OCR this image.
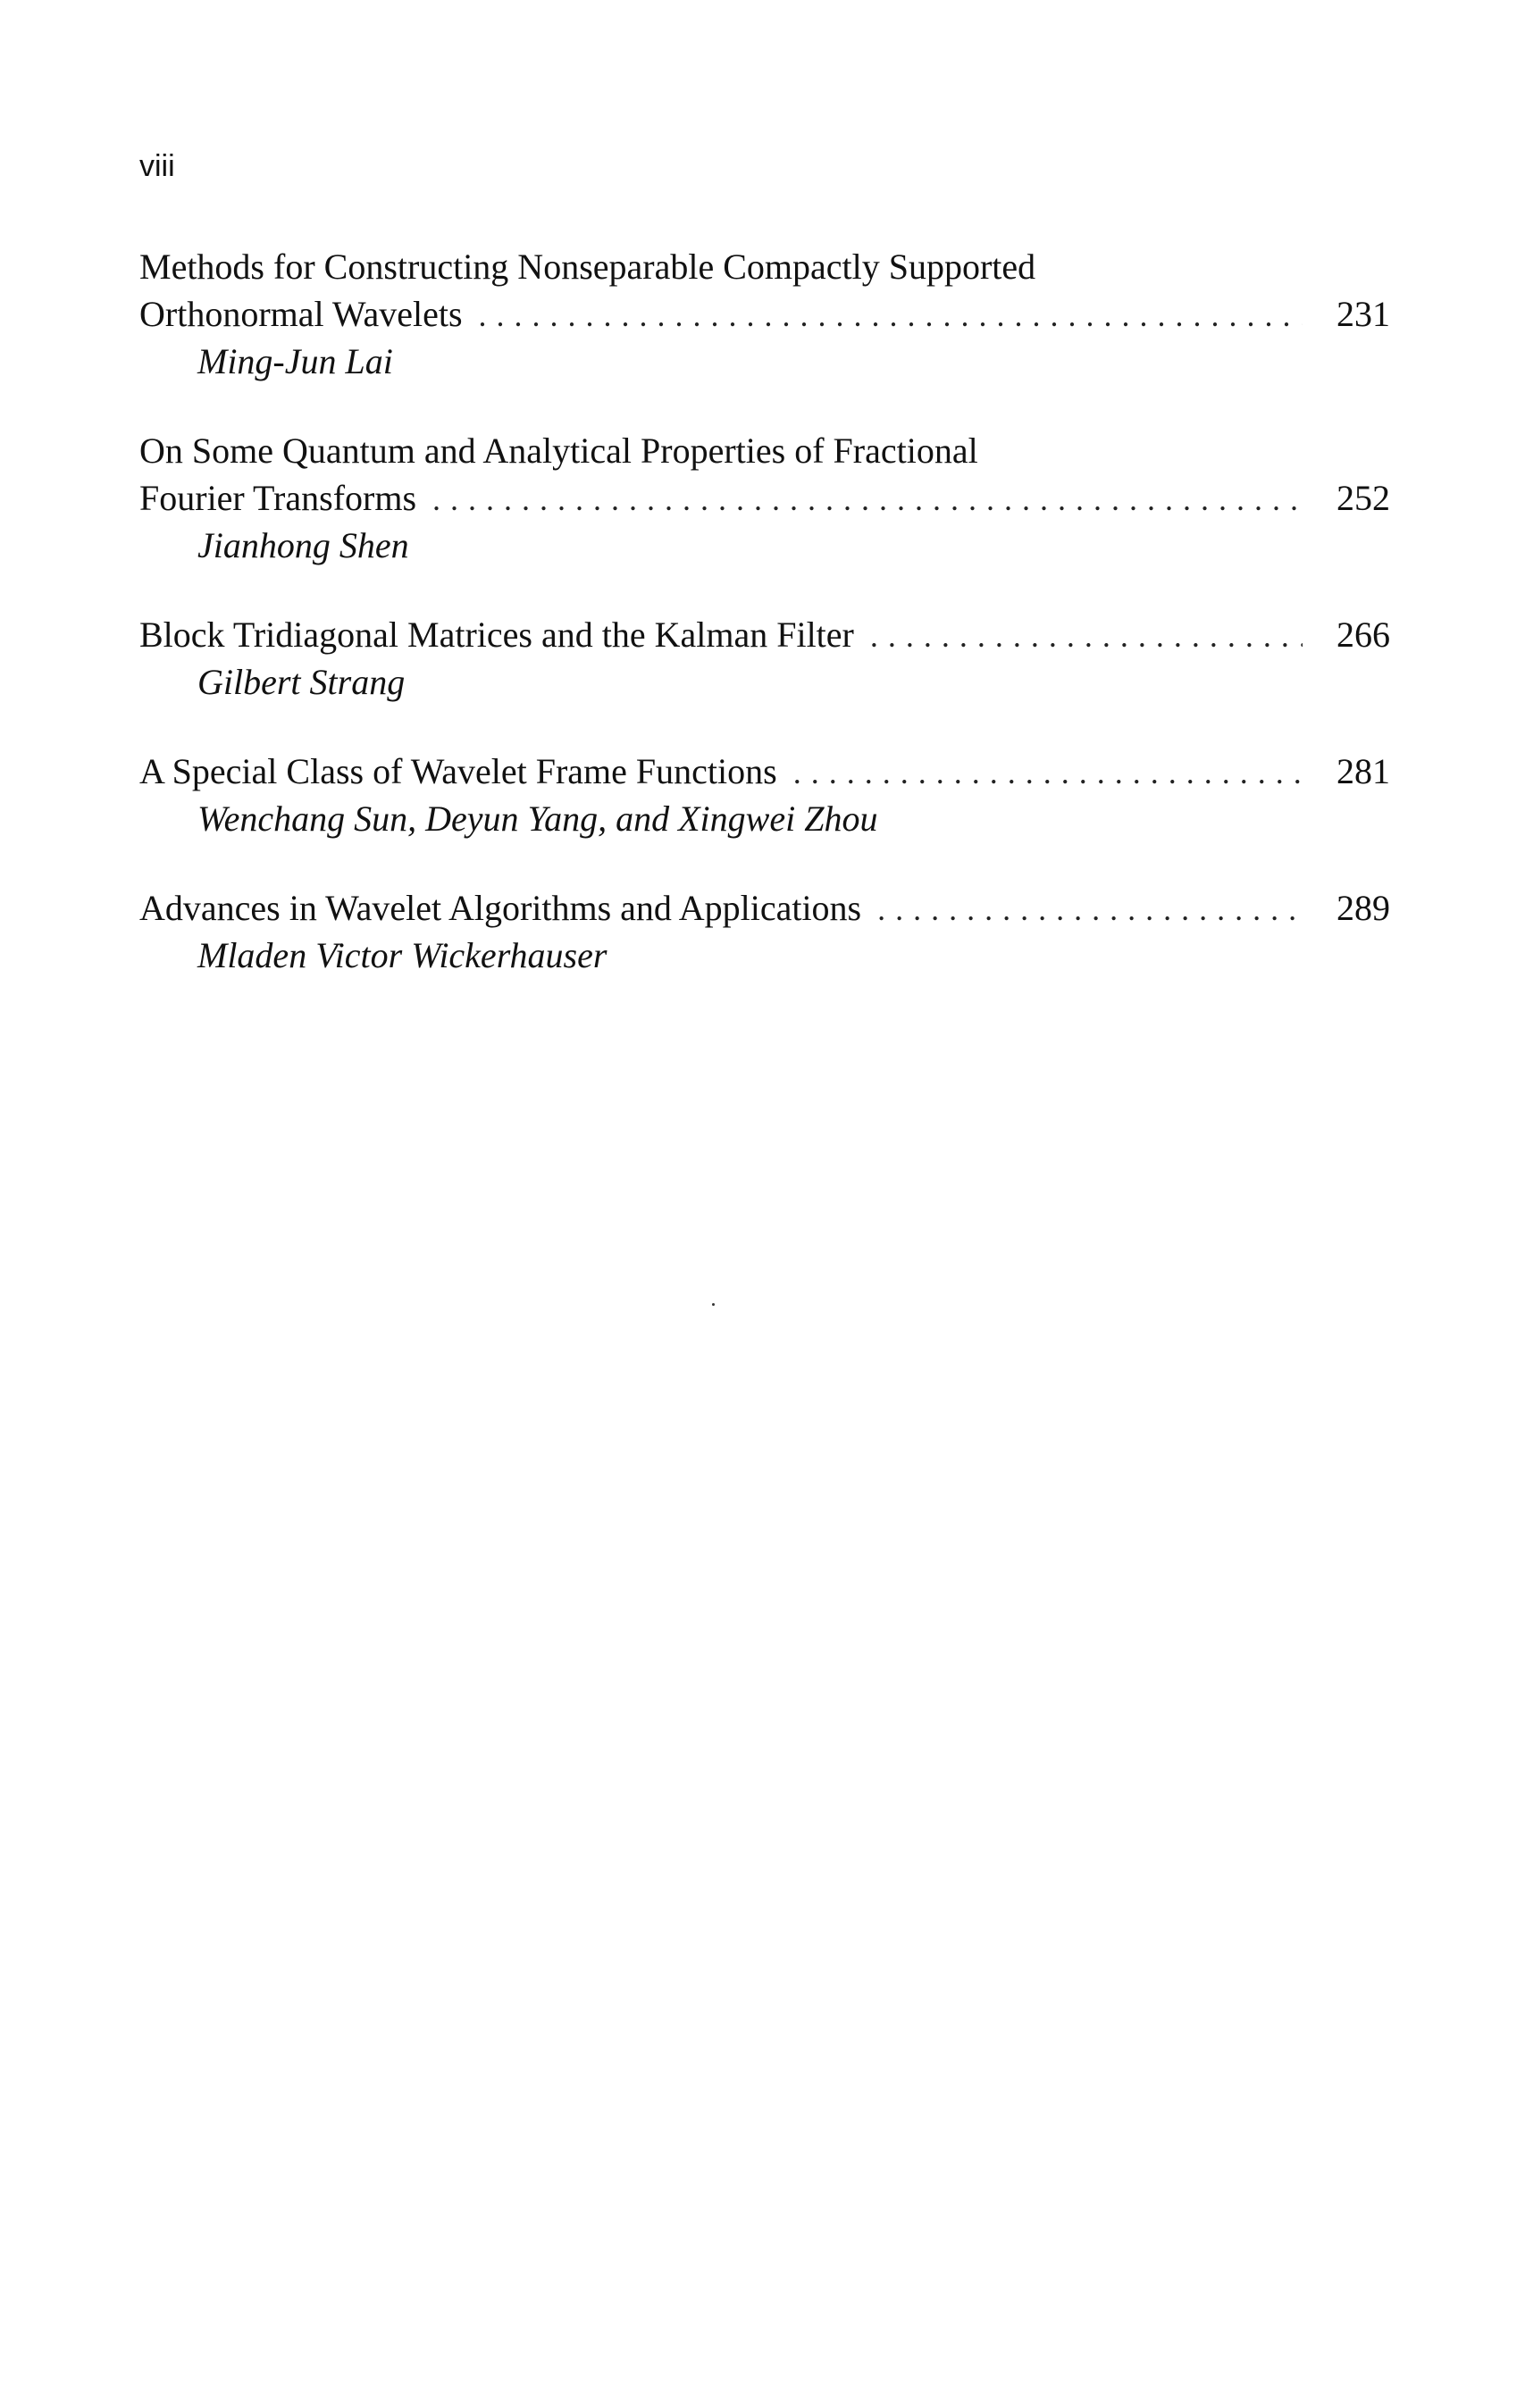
viii
Methods for Constructing Nonseparable Compactly Supported
Orthonormal Wavelets . . .	231
Ming-Jun Lai
On Some Quantum and Analytical Properties of Fractional
Fourier Transforms . . .	252
Jianhong Shen
Block Tridiagonal Matrices and the Kalman Filter . . .	266
Gilbert Strang
A Special Class of Wavelet Frame Functions . . .	281
Wenchang Sun, Deyun Yang, and Xingwei Zhou
Advances in Wavelet Algorithms and Applications . . .	289
Mladen Victor Wickerhauser
